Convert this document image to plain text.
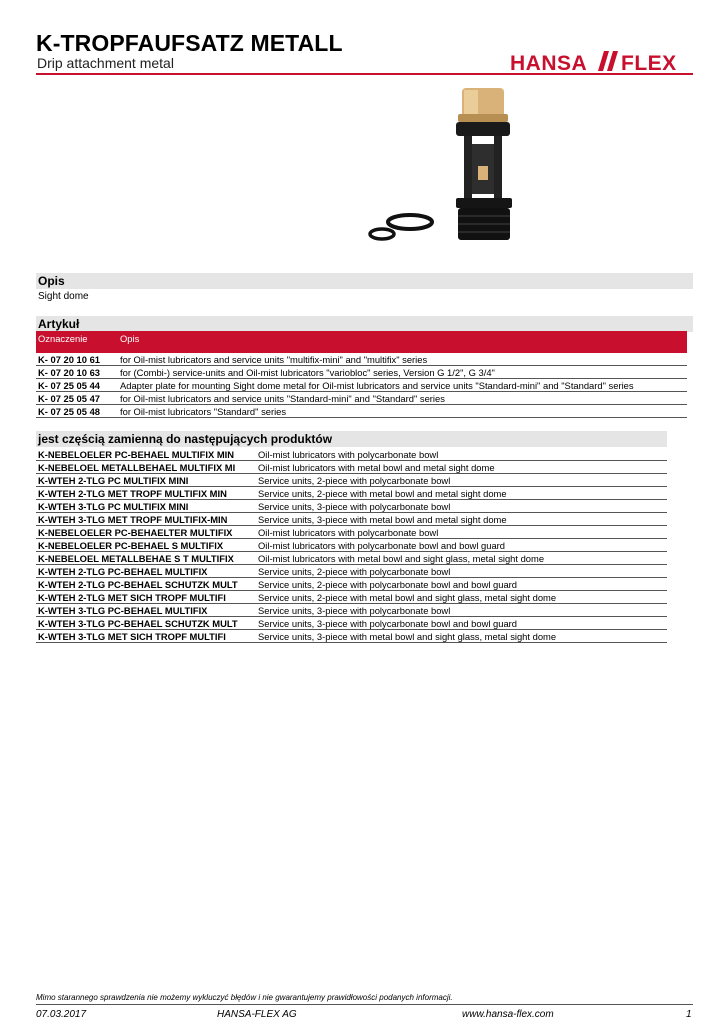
K-TROPFAUFSATZ METALL
Drip attachment metal	HANSA FLEX
Opis
Sight dome
Artykuł
Oznaczenie	Opis
K- 07 20 10 61	for Oil-mist lubricators and service units "multifix-mini" and "multifix" series
K- 07 20 10 63	for (Combi-) service-units and Oil-mist lubricators "variobloc" series, Version G 1/2", G 3/4"
K- 07 25 05 44	Adapter plate for mounting Sight dome metal for Oil-mist lubricators and service units "Standard-mini" and "Standard" series
K- 07 25 05 47	for Oil-mist lubricators and service units "Standard-mini" and "Standard" series
K- 07 25 05 48	for Oil-mist lubricators "Standard" series
jest częścią zamienną do następujących produktów
K-NEBELOELER PC-BEHAEL MULTIFIX MIN	Oil-mist lubricators with polycarbonate bowl
K-NEBELOEL METALLBEHAEL MULTIFIX MI	Oil-mist lubricators with metal bowl and metal sight dome
K-WTEH 2-TLG PC MULTIFIX MINI	Service units, 2-piece with polycarbonate bowl
K-WTEH 2-TLG MET TROPF MULTIFIX MIN	Service units, 2-piece with metal bowl and metal sight dome
K-WTEH 3-TLG PC MULTIFIX MINI	Service units, 3-piece with polycarbonate bowl
K-WTEH 3-TLG MET TROPF MULTIFIX-MIN	Service units, 3-piece with metal bowl and metal sight dome
K-NEBELOELER PC-BEHAELTER MULTIFIX	Oil-mist lubricators with polycarbonate bowl
K-NEBELOELER PC-BEHAEL S MULTIFIX	Oil-mist lubricators with polycarbonate bowl and bowl guard
K-NEBELOEL METALLBEHAE S T MULTIFIX	Oil-mist lubricators with metal bowl and sight glass, metal sight dome
K-WTEH 2-TLG PC-BEHAEL MULTIFIX	Service units, 2-piece with polycarbonate bowl
K-WTEH 2-TLG PC-BEHAEL SCHUTZK MULT	Service units, 2-piece with polycarbonate bowl and bowl guard
K-WTEH 2-TLG MET SICH TROPF MULTIFI	Service units, 2-piece with metal bowl and sight glass, metal sight dome
K-WTEH 3-TLG PC-BEHAEL MULTIFIX	Service units, 3-piece with polycarbonate bowl
K-WTEH 3-TLG PC-BEHAEL SCHUTZK MULT	Service units, 3-piece with polycarbonate bowl and bowl guard
K-WTEH 3-TLG MET SICH TROPF MULTIFI	Service units, 3-piece with metal bowl and sight glass, metal sight dome
Mimo starannego sprawdzenia nie możemy wykluczyć błędów i nie gwarantujemy prawidłowości podanych informacji.
07.03.2017	HANSA-FLEX AG	www.hansa-flex.com	1
